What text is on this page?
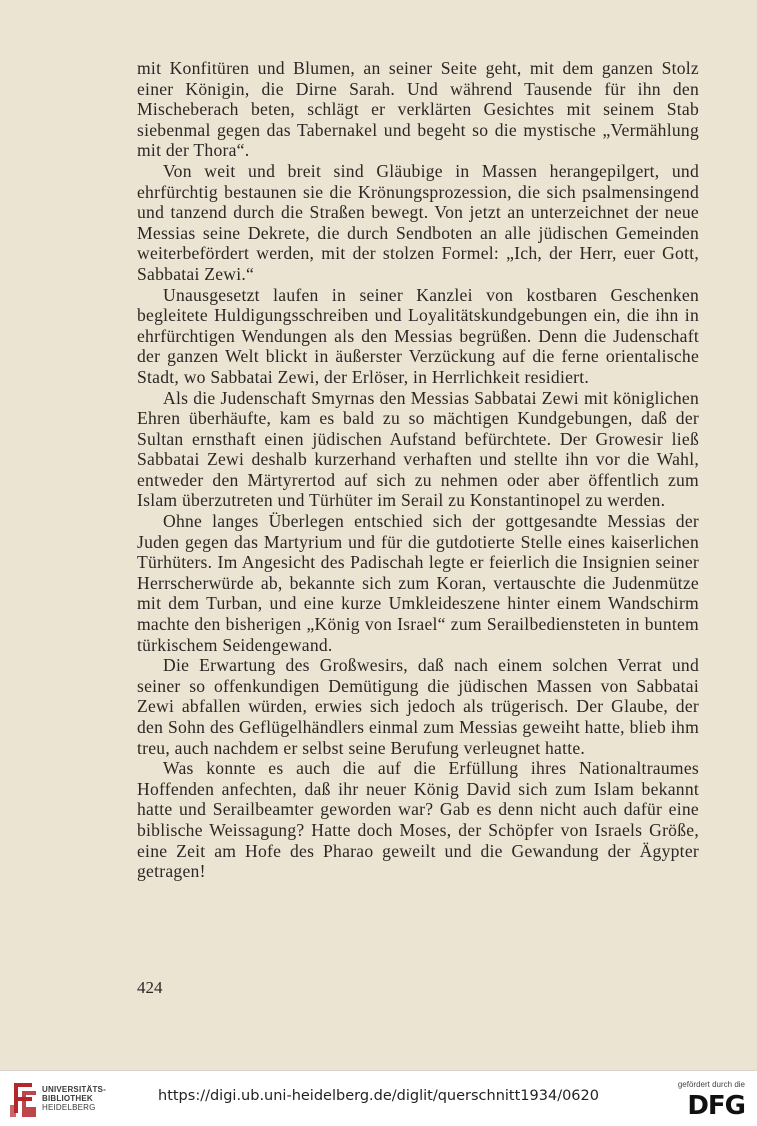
mit Konfitüren und Blumen, an seiner Seite geht, mit dem ganzen Stolz einer Königin, die Dirne Sarah. Und während Tausende für ihn den Mischeberach beten, schlägt er verklärten Gesichtes mit seinem Stab siebenmal gegen das Tabernakel und begeht so die mystische „Vermählung mit der Thora“.

Von weit und breit sind Gläubige in Massen herangepilgert, und ehrfürchtig bestaunen sie die Krönungsprozession, die sich psalmensingend und tanzend durch die Straßen bewegt. Von jetzt an unterzeichnet der neue Messias seine Dekrete, die durch Sendboten an alle jüdischen Gemeinden weiterbefördert werden, mit der stolzen Formel: „Ich, der Herr, euer Gott, Sabbatai Zewi.“

Unausgesetzt laufen in seiner Kanzlei von kostbaren Geschenken begleitete Huldigungsschreiben und Loyalitätskundgebungen ein, die ihn in ehrfürchtigen Wendungen als den Messias begrüßen. Denn die Judenschaft der ganzen Welt blickt in äußerster Verzückung auf die ferne orientalische Stadt, wo Sabbatai Zewi, der Erlöser, in Herrlichkeit residiert.

Als die Judenschaft Smyrnas den Messias Sabbatai Zewi mit königlichen Ehren überhäufte, kam es bald zu so mächtigen Kundgebungen, daß der Sultan ernsthaft einen jüdischen Aufstand befürchtete. Der Growesir ließ Sabbatai Zewi deshalb kurzerhand verhaften und stellte ihn vor die Wahl, entweder den Märtyrertod auf sich zu nehmen oder aber öffentlich zum Islam überzutreten und Türhüter im Serail zu Konstantinopel zu werden.

Ohne langes Überlegen entschied sich der gottgesandte Messias der Juden gegen das Martyrium und für die gutdotierte Stelle eines kaiserlichen Türhüters. Im Angesicht des Padischah legte er feierlich die Insignien seiner Herrscherwürde ab, bekannte sich zum Koran, vertauschte die Judenmütze mit dem Turban, und eine kurze Umkleideszene hinter einem Wandschirm machte den bisherigen „König von Israel“ zum Serailbediensteten in buntem türkischem Seidengewand.

Die Erwartung des Großwesirs, daß nach einem solchen Verrat und seiner so offenkundigen Demütigung die jüdischen Massen von Sabbatai Zewi abfallen würden, erwies sich jedoch als trügerisch. Der Glaube, der den Sohn des Geflügelhändlers einmal zum Messias geweiht hatte, blieb ihm treu, auch nachdem er selbst seine Berufung verleugnet hatte.

Was konnte es auch die auf die Erfüllung ihres Nationaltraumes Hoffenden anfechten, daß ihr neuer König David sich zum Islam bekannt hatte und Serailbeamter geworden war? Gab es denn nicht auch dafür eine biblische Weissagung? Hatte doch Moses, der Schöpfer von Israels Größe, eine Zeit am Hofe des Pharao geweilt und die Gewandung der Ägypter getragen!

424
UNIVERSITÄTS-
BIBLIOTHEK
HEIDELBERG
https://digi.ub.uni-heidelberg.de/diglit/querschnitt1934/0620
gefördert durch die
DFG
